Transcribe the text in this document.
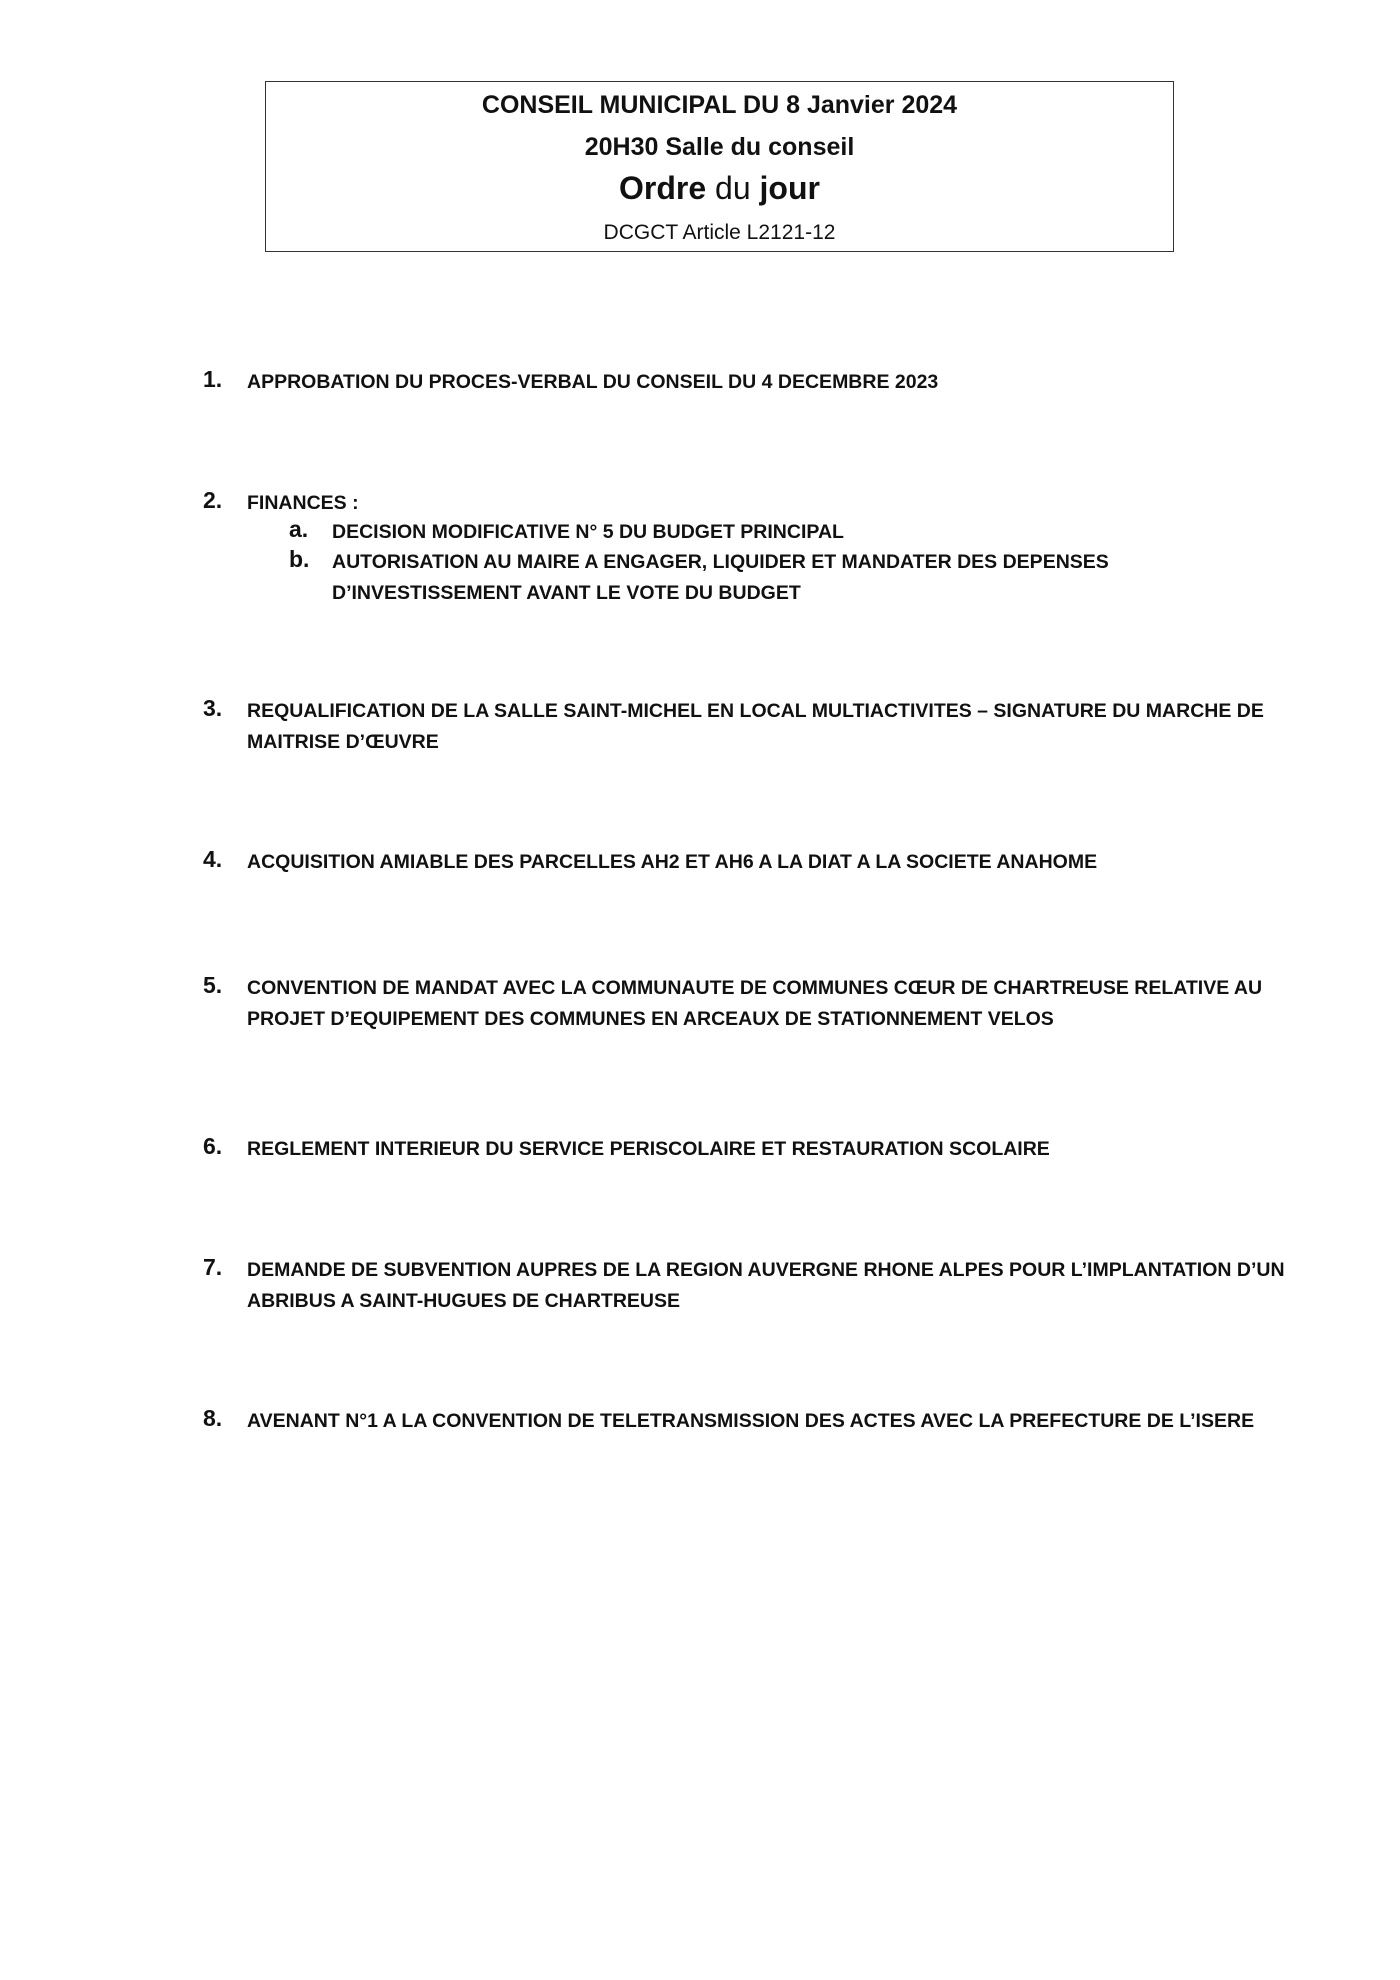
CONSEIL MUNICIPAL DU 8 Janvier 2024
20H30 Salle du conseil
Ordre du jour
DCGCT Article L2121-12
1. APPROBATION DU PROCES-VERBAL DU CONSEIL DU 4 DECEMBRE 2023
2. FINANCES :
a. DECISION MODIFICATIVE N° 5 DU BUDGET PRINCIPAL
b. AUTORISATION AU MAIRE A ENGAGER, LIQUIDER ET MANDATER DES DEPENSES D’INVESTISSEMENT AVANT LE VOTE DU BUDGET
3. REQUALIFICATION DE LA SALLE SAINT-MICHEL EN LOCAL MULTIACTIVITES – SIGNATURE DU MARCHE DE MAITRISE D’ŒUVRE
4. ACQUISITION AMIABLE DES PARCELLES AH2 ET AH6 A LA DIAT A LA SOCIETE ANAHOME
5. CONVENTION DE MANDAT AVEC LA COMMUNAUTE DE COMMUNES CŒUR DE CHARTREUSE RELATIVE AU PROJET D’EQUIPEMENT DES COMMUNES EN ARCEAUX DE STATIONNEMENT VELOS
6. REGLEMENT INTERIEUR DU SERVICE PERISCOLAIRE ET RESTAURATION SCOLAIRE
7. DEMANDE DE SUBVENTION AUPRES DE LA REGION AUVERGNE RHONE ALPES POUR L’IMPLANTATION D’UN ABRIBUS A SAINT-HUGUES DE CHARTREUSE
8. AVENANT N°1 A LA CONVENTION DE TELETRANSMISSION DES ACTES AVEC LA PREFECTURE DE L’ISERE
